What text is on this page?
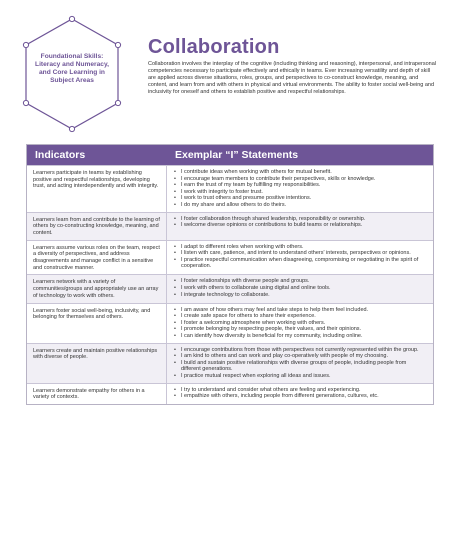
Foundational Skills:
Literacy and Numeracy,
and Core Learning in
Subject Areas
Collaboration
Collaboration involves the interplay of the cognitive (including thinking and reasoning), interpersonal, and intrapersonal competencies necessary to participate effectively and ethically in teams. Ever increasing versatility and depth of skill are applied across diverse situations, roles, groups, and perspectives to co-construct knowledge, meaning, and content, and learn from and with others in physical and virtual environments. The ability to foster social well-being and inclusivity for oneself and others to establish positive and respectful relationships.
Indicators	Exemplar “I” Statements
Learners participate in teams by establishing positive and respectful relationships, developing trust, and acting interdependently and with integrity.
• I contribute ideas when working with others for mutual benefit.
• I encourage team members to contribute their perspectives, skills or knowledge.
• I earn the trust of my team by fulfilling my responsibilities.
• I work with integrity to foster trust.
• I work to trust others and presume positive intentions.
• I do my share and allow others to do theirs.
Learners learn from and contribute to the learning of others by co-constructing knowledge, meaning, and content.
• I foster collaboration through shared leadership, responsibility or ownership.
• I welcome diverse opinions or contributions to build teams or relationships.
Learners assume various roles on the team, respect a diversity of perspectives, and address disagreements and manage conflict in a sensitive and constructive manner.
• I adapt to different roles when working with others.
• I listen with care, patience, and intent to understand others' interests, perspectives or opinions.
• I practice respectful communication when disagreeing, compromising or negotiating in the spirit of cooperation.
Learners network with a variety of communities/groups and appropriately use an array of technology to work with others.
• I foster relationships with diverse people and groups.
• I work with others to collaborate using digital and online tools.
• I integrate technology to collaborate.
Learners foster social well-being, inclusivity, and belonging for themselves and others.
• I am aware of how others may feel and take steps to help them feel included.
• I create safe space for others to share their experience.
• I foster a welcoming atmosphere when working with others.
• I promote belonging by respecting people, their values, and their opinions.
• I can identify how diversity is beneficial for my community, including online.
Learners create and maintain positive relationships with diverse of people.
• I encourage contributions from those with perspectives not currently represented within the group.
• I am kind to others and can work and play co-operatively with people of my choosing.
• I build and sustain positive relationships with diverse groups of people, including people from different generations.
• I practice mutual respect when exploring all ideas and issues.
Learners demonstrate empathy for others in a variety of contexts.
• I try to understand and consider what others are feeling and experiencing.
• I empathize with others, including people from different generations, cultures, etc.
